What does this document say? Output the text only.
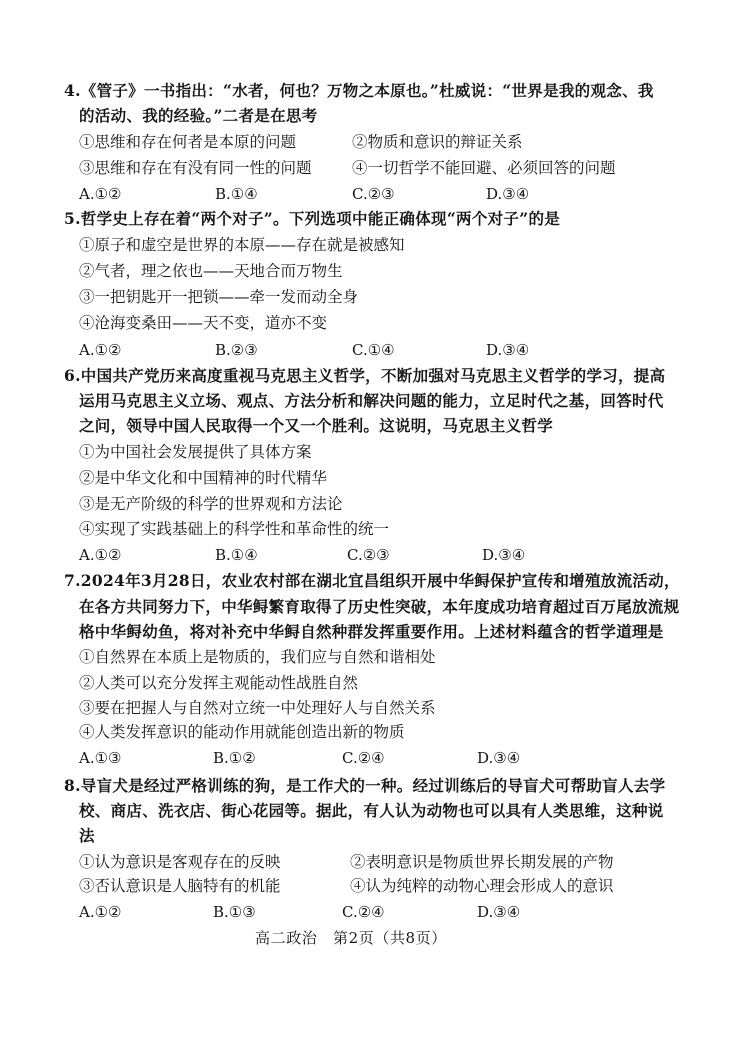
4.《管子》一书指出：“水者，何也？万物之本原也。”杜威说：“世界是我的观念、我
的活动、我的经验。”二者是在思考
①思维和存在何者是本原的问题	②物质和意识的辩证关系
③思维和存在有没有同一性的问题	④一切哲学不能回避、必须回答的问题
A.①②	B.①④	C.②③	D.③④
5.哲学史上存在着“两个对子”。下列选项中能正确体现“两个对子”的是
①原子和虚空是世界的本原——存在就是被感知
②气者，理之依也——天地合而万物生
③一把钥匙开一把锁——牵一发而动全身
④沧海变桑田——天不变，道亦不变
A.①②	B.②③	C.①④	D.③④
6.中国共产党历来高度重视马克思主义哲学，不断加强对马克思主义哲学的学习，提高
运用马克思主义立场、观点、方法分析和解决问题的能力，立足时代之基，回答时代
之问，领导中国人民取得一个又一个胜利。这说明，马克思主义哲学
①为中国社会发展提供了具体方案
②是中华文化和中国精神的时代精华
③是无产阶级的科学的世界观和方法论
④实现了实践基础上的科学性和革命性的统一
A.①②	B.①④	C.②③	D.③④
7.2024年3月28日，农业农村部在湖北宜昌组织开展中华鲟保护宣传和增殖放流活动，
在各方共同努力下，中华鲟繁育取得了历史性突破，本年度成功培育超过百万尾放流规
格中华鲟幼鱼，将对补充中华鲟自然种群发挥重要作用。上述材料蕴含的哲学道理是
①自然界在本质上是物质的，我们应与自然和谐相处
②人类可以充分发挥主观能动性战胜自然
③要在把握人与自然对立统一中处理好人与自然关系
④人类发挥意识的能动作用就能创造出新的物质
A.①③	B.①②	C.②④	D.③④
8.导盲犬是经过严格训练的狗，是工作犬的一种。经过训练后的导盲犬可帮助盲人去学
校、商店、洗衣店、街心花园等。据此，有人认为动物也可以具有人类思维，这种说
法
①认为意识是客观存在的反映	②表明意识是物质世界长期发展的产物
③否认意识是人脑特有的机能	④认为纯粹的动物心理会形成人的意识
A.①②	B.①③	C.②④	D.③④
高二政治　第2页（共8页）
